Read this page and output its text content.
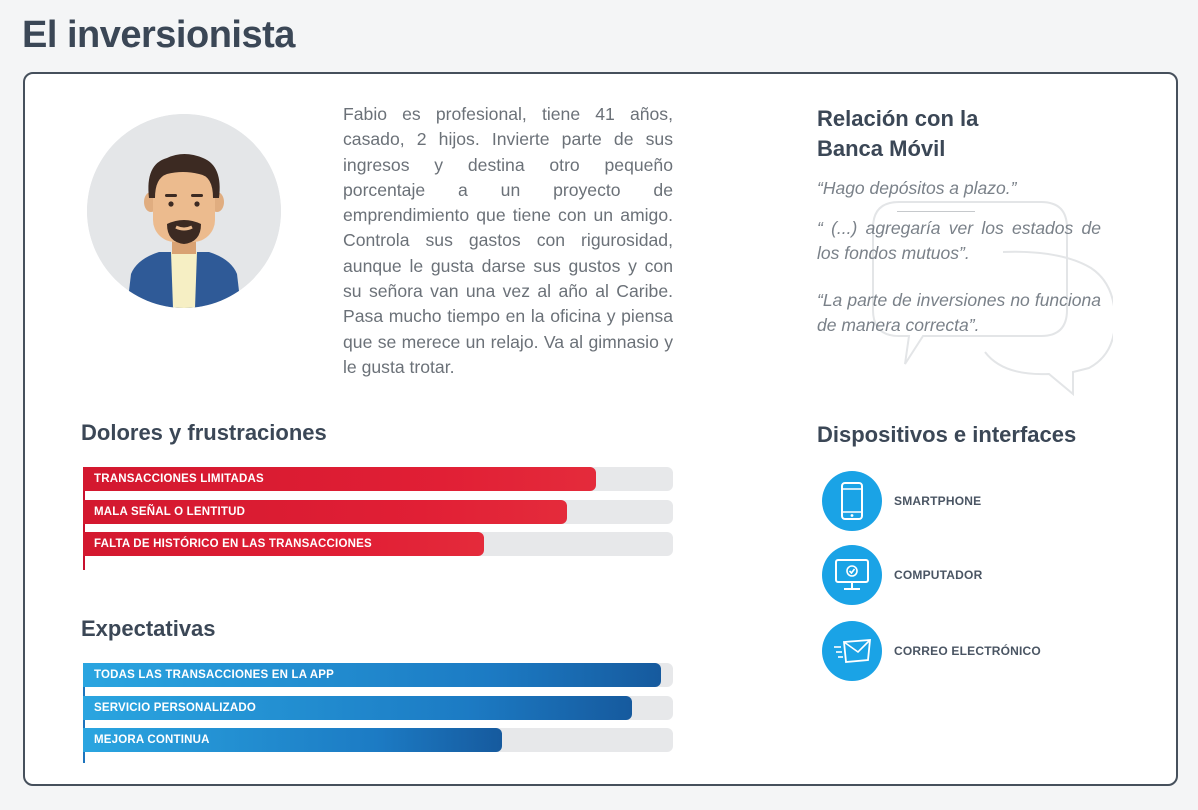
El inversionista
Fabio es profesional, tiene 41 años, casado, 2 hijos. Invierte parte de sus ingresos y destina otro pequeño porcentaje a un proyecto de emprendimiento que tiene con un amigo. Controla sus gastos con rigurosidad, aunque le gusta darse sus gustos y con su señora van una vez al año al Caribe. Pasa mucho tiempo en la oficina y piensa que se merece un relajo. Va al gimnasio y le gusta trotar.
Relación con la
Banca Móvil
“Hago depósitos a plazo.”
“ (...) agregaría ver los estados de los fondos mutuos”.
“La parte de inversiones no funciona de manera correcta”.
Dolores y frustraciones
TRANSACCIONES LIMITADAS
MALA SEÑAL O LENTITUD
FALTA DE HISTÓRICO EN LAS TRANSACCIONES
Expectativas
TODAS LAS TRANSACCIONES EN LA APP
SERVICIO PERSONALIZADO
MEJORA CONTINUA
Dispositivos e interfaces
SMARTPHONE
COMPUTADOR
CORREO ELECTRÓNICO
